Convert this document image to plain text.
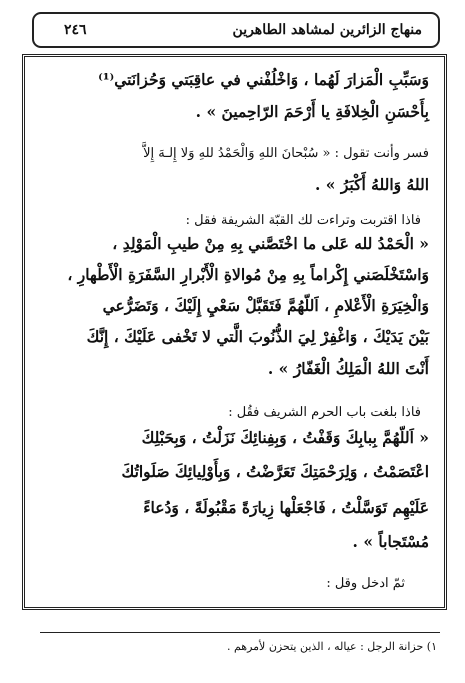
منهاج الزائرين لمشاهد الطاهرين
٢٤٦
وَسَبِّبِ الْمَزارَ لَهُما ، وَاخْلُفْني في عاقِبَتي وَحُزانَتي⁽¹⁾
بِأَحْسَنِ الْخِلافَةِ يا أَرْحَمَ الرّاحِمينَ » .
فسر وأنت تقول : « سُبْحانَ اللهِ وَالْحَمْدُ للهِ وَلا إِلـهَ إِلاَّ
اللهُ وَاللهُ أَكْبَرُ » .
فاذا اقتربت وتراءت لك القبّة الشريفة فقل :
« الْحَمْدُ لله عَلى ما اخْتَصَّني بِهِ مِنْ طيبِ الْمَوْلِدِ ،
وَاسْتَخْلَصَني إِكْراماً بِهِ مِنْ مُوالاةِ الْأَبْرارِ السَّفَرَةِ الْأَطْهارِ ،
وَالْخِيَرَةِ الْأَعْلامِ ، اَللّهُمَّ فَتَقَبَّلْ سَعْيِ إِلَيْكَ ، وَتَضَرُّعي
بَيْنَ يَدَيْكَ ، وَاغْفِرْ لِيَ الذُّنُوبَ الَّتي لا تَخْفى عَلَيْكَ ، إِنَّكَ
أَنْتَ اللهُ الْمَلِكُ الْغَفّارُ » .
فاذا بلغت باب الحرم الشريف فقُل :
« اَللّهُمَّ بِبابِكَ وَقَفْتُ ، وَبِفِنائِكَ نَزَلْتُ ، وَبِحَبْلِكَ
اعْتَصَمْتُ ، وَلِرَحْمَتِكَ تَعَرَّضْتُ ، وَبِأَوْلِيائِكَ صَلَواتُكَ
عَلَيْهِم تَوَسَّلْتُ ، فَاجْعَلْها زِيارَةً مَقْبُولَةً ، وَدُعاءً
مُسْتَجاباً » .
ثمّ ادخل وقل :
١) حزانة الرجل : عياله ، الذين يتحزن لأمرهم .
